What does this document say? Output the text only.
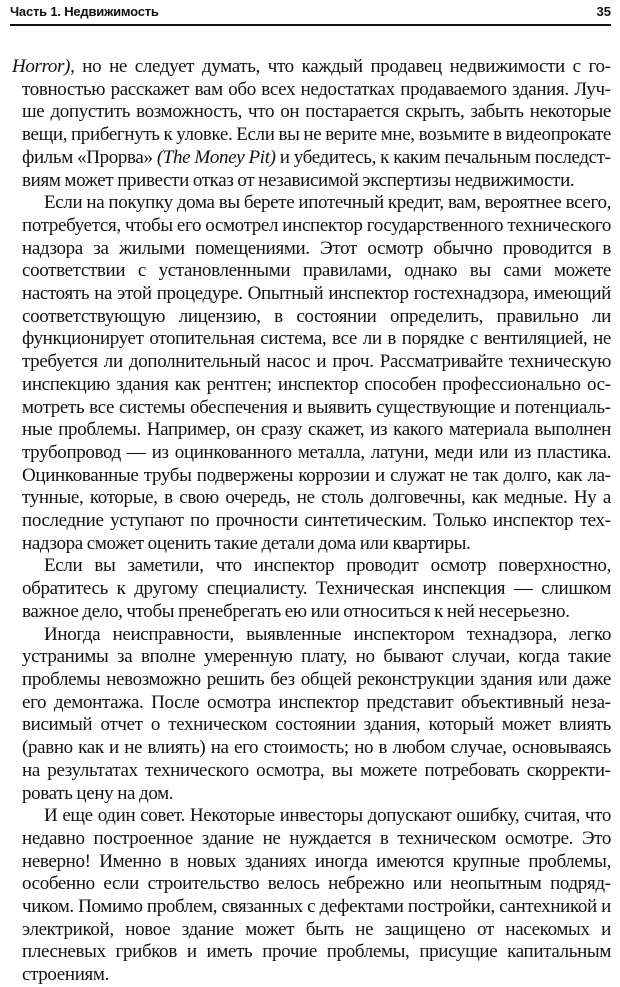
Часть 1. Недвижимость	35

Horror), но не следует думать, что каждый продавец недвижимости с готовностью расскажет вам обо всех недостатках продаваемого здания. Лучше допустить возможность, что он постарается скрыть, забыть некоторые вещи, прибегнуть к уловке. Если вы не верите мне, возьмите в видеопрокате фильм «Прорва» (The Money Pit) и убедитесь, к каким печальным последствиям может привести отказ от независимой экспертизы недвижимости.

Если на покупку дома вы берете ипотечный кредит, вам, вероятнее всего, потребуется, чтобы его осмотрел инспектор государственного технического надзора за жилыми помещениями. Этот осмотр обычно проводится в соответствии с установленными правилами, однако вы сами можете настоять на этой процедуре. Опытный инспектор гостехнадзора, имеющий соответствующую лицензию, в состоянии определить, правильно ли функционирует отопительная система, все ли в порядке с вентиляцией, не требуется ли дополнительный насос и проч. Рассматривайте техническую инспекцию здания как рентген; инспектор способен профессионально осмотреть все системы обеспечения и выявить существующие и потенциальные проблемы. Например, он сразу скажет, из какого материала выполнен трубопровод — из оцинкованного металла, латуни, меди или из пластика. Оцинкованные трубы подвержены коррозии и служат не так долго, как латунные, которые, в свою очередь, не столь долговечны, как медные. Ну а последние уступают по прочности синтетическим. Только инспектор технадзора сможет оценить такие детали дома или квартиры.

Если вы заметили, что инспектор проводит осмотр поверхностно, обратитесь к другому специалисту. Техническая инспекция — слишком важное дело, чтобы пренебрегать ею или относиться к ней несерьезно.

Иногда неисправности, выявленные инспектором технадзора, легко устранимы за вполне умеренную плату, но бывают случаи, когда такие проблемы невозможно решить без общей реконструкции здания или даже его демонтажа. После осмотра инспектор представит объективный независимый отчет о техническом состоянии здания, который может влиять (равно как и не влиять) на его стоимость; но в любом случае, основываясь на результатах технического осмотра, вы можете потребовать скорректировать цену на дом.

И еще один совет. Некоторые инвесторы допускают ошибку, считая, что недавно построенное здание не нуждается в техническом осмотре. Это неверно! Именно в новых зданиях иногда имеются крупные проблемы, особенно если строительство велось небрежно или неопытным подрядчиком. Помимо проблем, связанных с дефектами постройки, сантехникой и электрикой, новое здание может быть не защищено от насекомых и плесневых грибков и иметь прочие проблемы, присущие капитальным строениям.
